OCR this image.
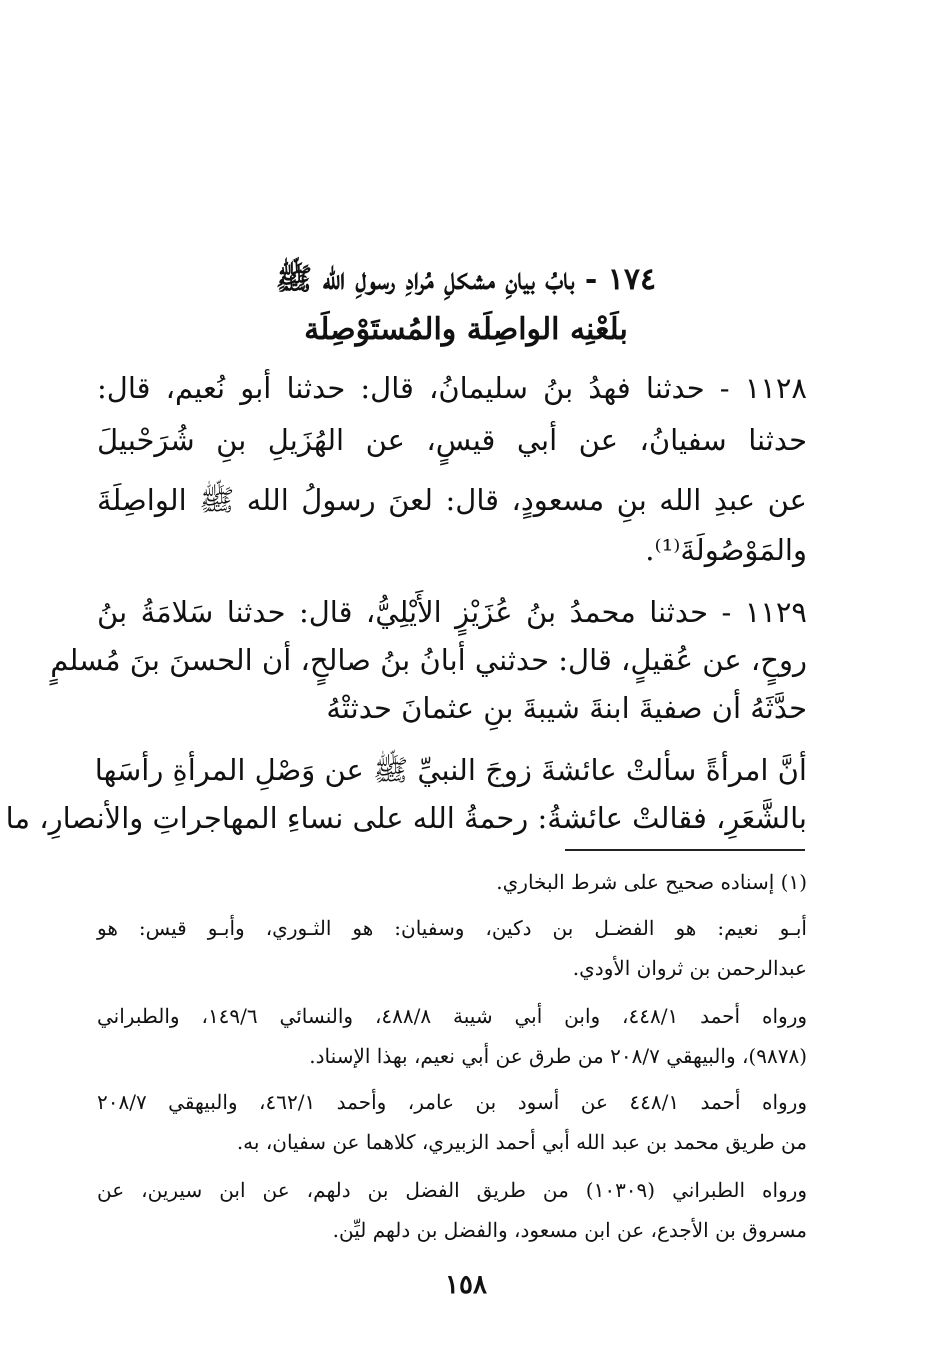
١٧٤ - بابُ بيانِ مشكلِ مُرادِ رسولِ الله ﷺ
بلَعْنِه الواصِلَة والمُستَوْصِلَة
١١٢٨ - حدثنا فهدُ بنُ سليمانُ، قال: حدثنا أبو نُعيم، قال:
حدثنا سفيانُ، عن أبي قيسٍ، عن الهُزَيلِ بنِ شُرَحْبيلَ
عن عبدِ الله بنِ مسعودٍ، قال: لعنَ رسولُ الله ﷺ الواصِلَةَ
والمَوْصُولَةَ⁽¹⁾.
١١٢٩ - حدثنا محمدُ بنُ عُزَيْزٍ الأَيْلِيُّ، قال: حدثنا سَلامَةُ بنُ
روحٍ، عن عُقيلٍ، قال: حدثني أبانُ بنُ صالحٍ، أن الحسنَ بنَ مُسلمٍ
حدَّثَهُ أن صفيةَ ابنةَ شيبةَ بنِ عثمانَ حدثتْهُ
أنَّ امرأةً سألتْ عائشةَ زوجَ النبيِّ ﷺ عن وَصْلِ المرأةِ رأسَها
بالشَّعَرِ، فقالتْ عائشةُ: رحمةُ الله على نساءِ المهاجراتِ والأنصارِ، ما
(١) إسناده صحيح على شرط البخاري.
أبـو نعيم: هو الفضـل بن دكين، وسفيان: هو الثـوري، وأبـو قيس: هو
عبدالرحمن بن ثروان الأودي.
ورواه أحمد ٤٤٨/١، وابن أبي شيبة ٤٨٨/٨، والنسائي ١٤٩/٦، والطبراني
(٩٨٧٨)، والبيهقي ٢٠٨/٧ من طرق عن أبي نعيم، بهذا الإسناد.
ورواه أحمد ٤٤٨/١ عن أسود بن عامر، وأحمد ٤٦٢/١، والبيهقي ٢٠٨/٧
من طريق محمد بن عبد الله أبي أحمد الزبيري، كلاهما عن سفيان، به.
ورواه الطبراني (١٠٣٠٩) من طريق الفضل بن دلهم، عن ابن سيرين، عن
مسروق بن الأجدع، عن ابن مسعود، والفضل بن دلهم ليِّن.
١٥٨
